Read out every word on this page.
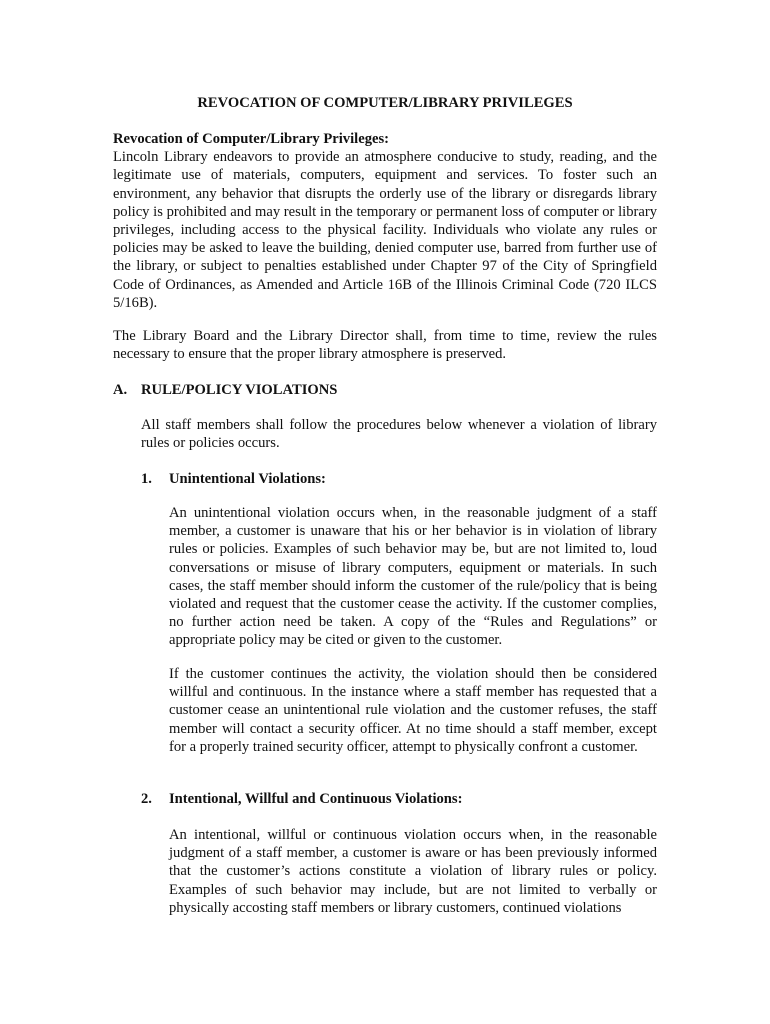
REVOCATION OF COMPUTER/LIBRARY PRIVILEGES
Revocation of Computer/Library Privileges:
Lincoln Library endeavors to provide an atmosphere conducive to study, reading, and the legitimate use of materials, computers, equipment and services. To foster such an environment, any behavior that disrupts the orderly use of the library or disregards library policy is prohibited and may result in the temporary or permanent loss of computer or library privileges, including access to the physical facility. Individuals who violate any rules or policies may be asked to leave the building, denied computer use, barred from further use of the library, or subject to penalties established under Chapter 97 of the City of Springfield Code of Ordinances, as Amended and Article 16B of the Illinois Criminal Code (720 ILCS 5/16B).
The Library Board and the Library Director shall, from time to time, review the rules necessary to ensure that the proper library atmosphere is preserved.
A. RULE/POLICY VIOLATIONS
All staff members shall follow the procedures below whenever a violation of library rules or policies occurs.
1. Unintentional Violations:
An unintentional violation occurs when, in the reasonable judgment of a staff member, a customer is unaware that his or her behavior is in violation of library rules or policies. Examples of such behavior may be, but are not limited to, loud conversations or misuse of library computers, equipment or materials. In such cases, the staff member should inform the customer of the rule/policy that is being violated and request that the customer cease the activity. If the customer complies, no further action need be taken. A copy of the “Rules and Regulations” or appropriate policy may be cited or given to the customer.
If the customer continues the activity, the violation should then be considered willful and continuous. In the instance where a staff member has requested that a customer cease an unintentional rule violation and the customer refuses, the staff member will contact a security officer. At no time should a staff member, except for a properly trained security officer, attempt to physically confront a customer.
2. Intentional, Willful and Continuous Violations:
An intentional, willful or continuous violation occurs when, in the reasonable judgment of a staff member, a customer is aware or has been previously informed that the customer’s actions constitute a violation of library rules or policy. Examples of such behavior may include, but are not limited to verbally or physically accosting staff members or library customers, continued violations
